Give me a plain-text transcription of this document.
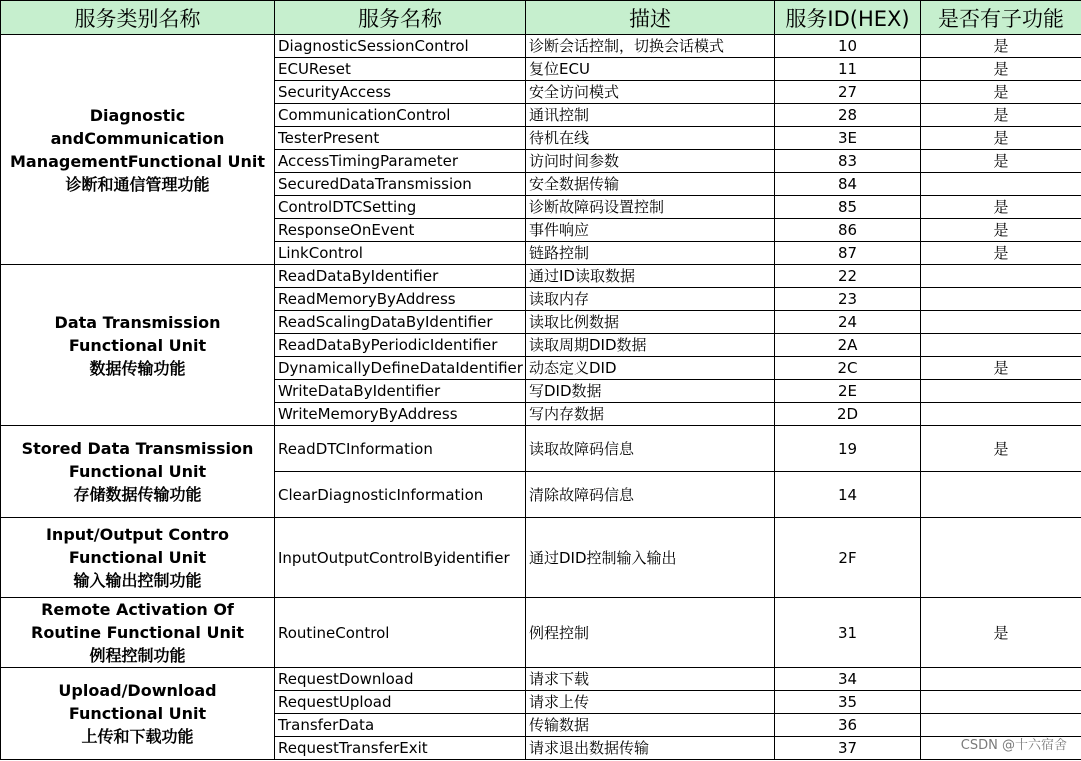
服务类别名称	服务名称	描述	服务ID(HEX)	是否有子功能

Diagnostic andCommunication
ManagementFunctional Unit
诊断和通信管理功能	DiagnosticSessionControl	诊断会话控制，切换会话模式	10	是
	ECUReset	复位ECU	11	是
	SecurityAccess	安全访问模式	27	是
	CommunicationControl	通讯控制	28	是
	TesterPresent	待机在线	3E	是
	AccessTimingParameter	访问时间参数	83	是
	SecuredDataTransmission	安全数据传输	84	
	ControlDTCSetting	诊断故障码设置控制	85	是
	ResponseOnEvent	事件响应	86	是
	LinkControl	链路控制	87	是

Data Transmission
Functional Unit
数据传输功能	ReadDataByIdentifier	通过ID读取数据	22	
	ReadMemoryByAddress	读取内存	23	
	ReadScalingDataByIdentifier	读取比例数据	24	
	ReadDataByPeriodicIdentifier	读取周期DID数据	2A	
	DynamicallyDefineDataIdentifier	动态定义DID	2C	是
	WriteDataByIdentifier	写DID数据	2E	
	WriteMemoryByAddress	写内存数据	2D	

Stored Data Transmission
Functional Unit
存储数据传输功能	ReadDTCInformation	读取故障码信息	19	是
	ClearDiagnosticInformation	清除故障码信息	14	

Input/Output Contro
Functional Unit
输入输出控制功能	InputOutputControlByidentifier	通过DID控制输入输出	2F	

Remote Activation Of
Routine Functional Unit
例程控制功能	RoutineControl	例程控制	31	是

Upload/Download
Functional Unit
上传和下载功能	RequestDownload	请求下载	34	
	RequestUpload	请求上传	35	
	TransferData	传输数据	36	
	RequestTransferExit	请求退出数据传输	37		CSDN @十六宿舍
